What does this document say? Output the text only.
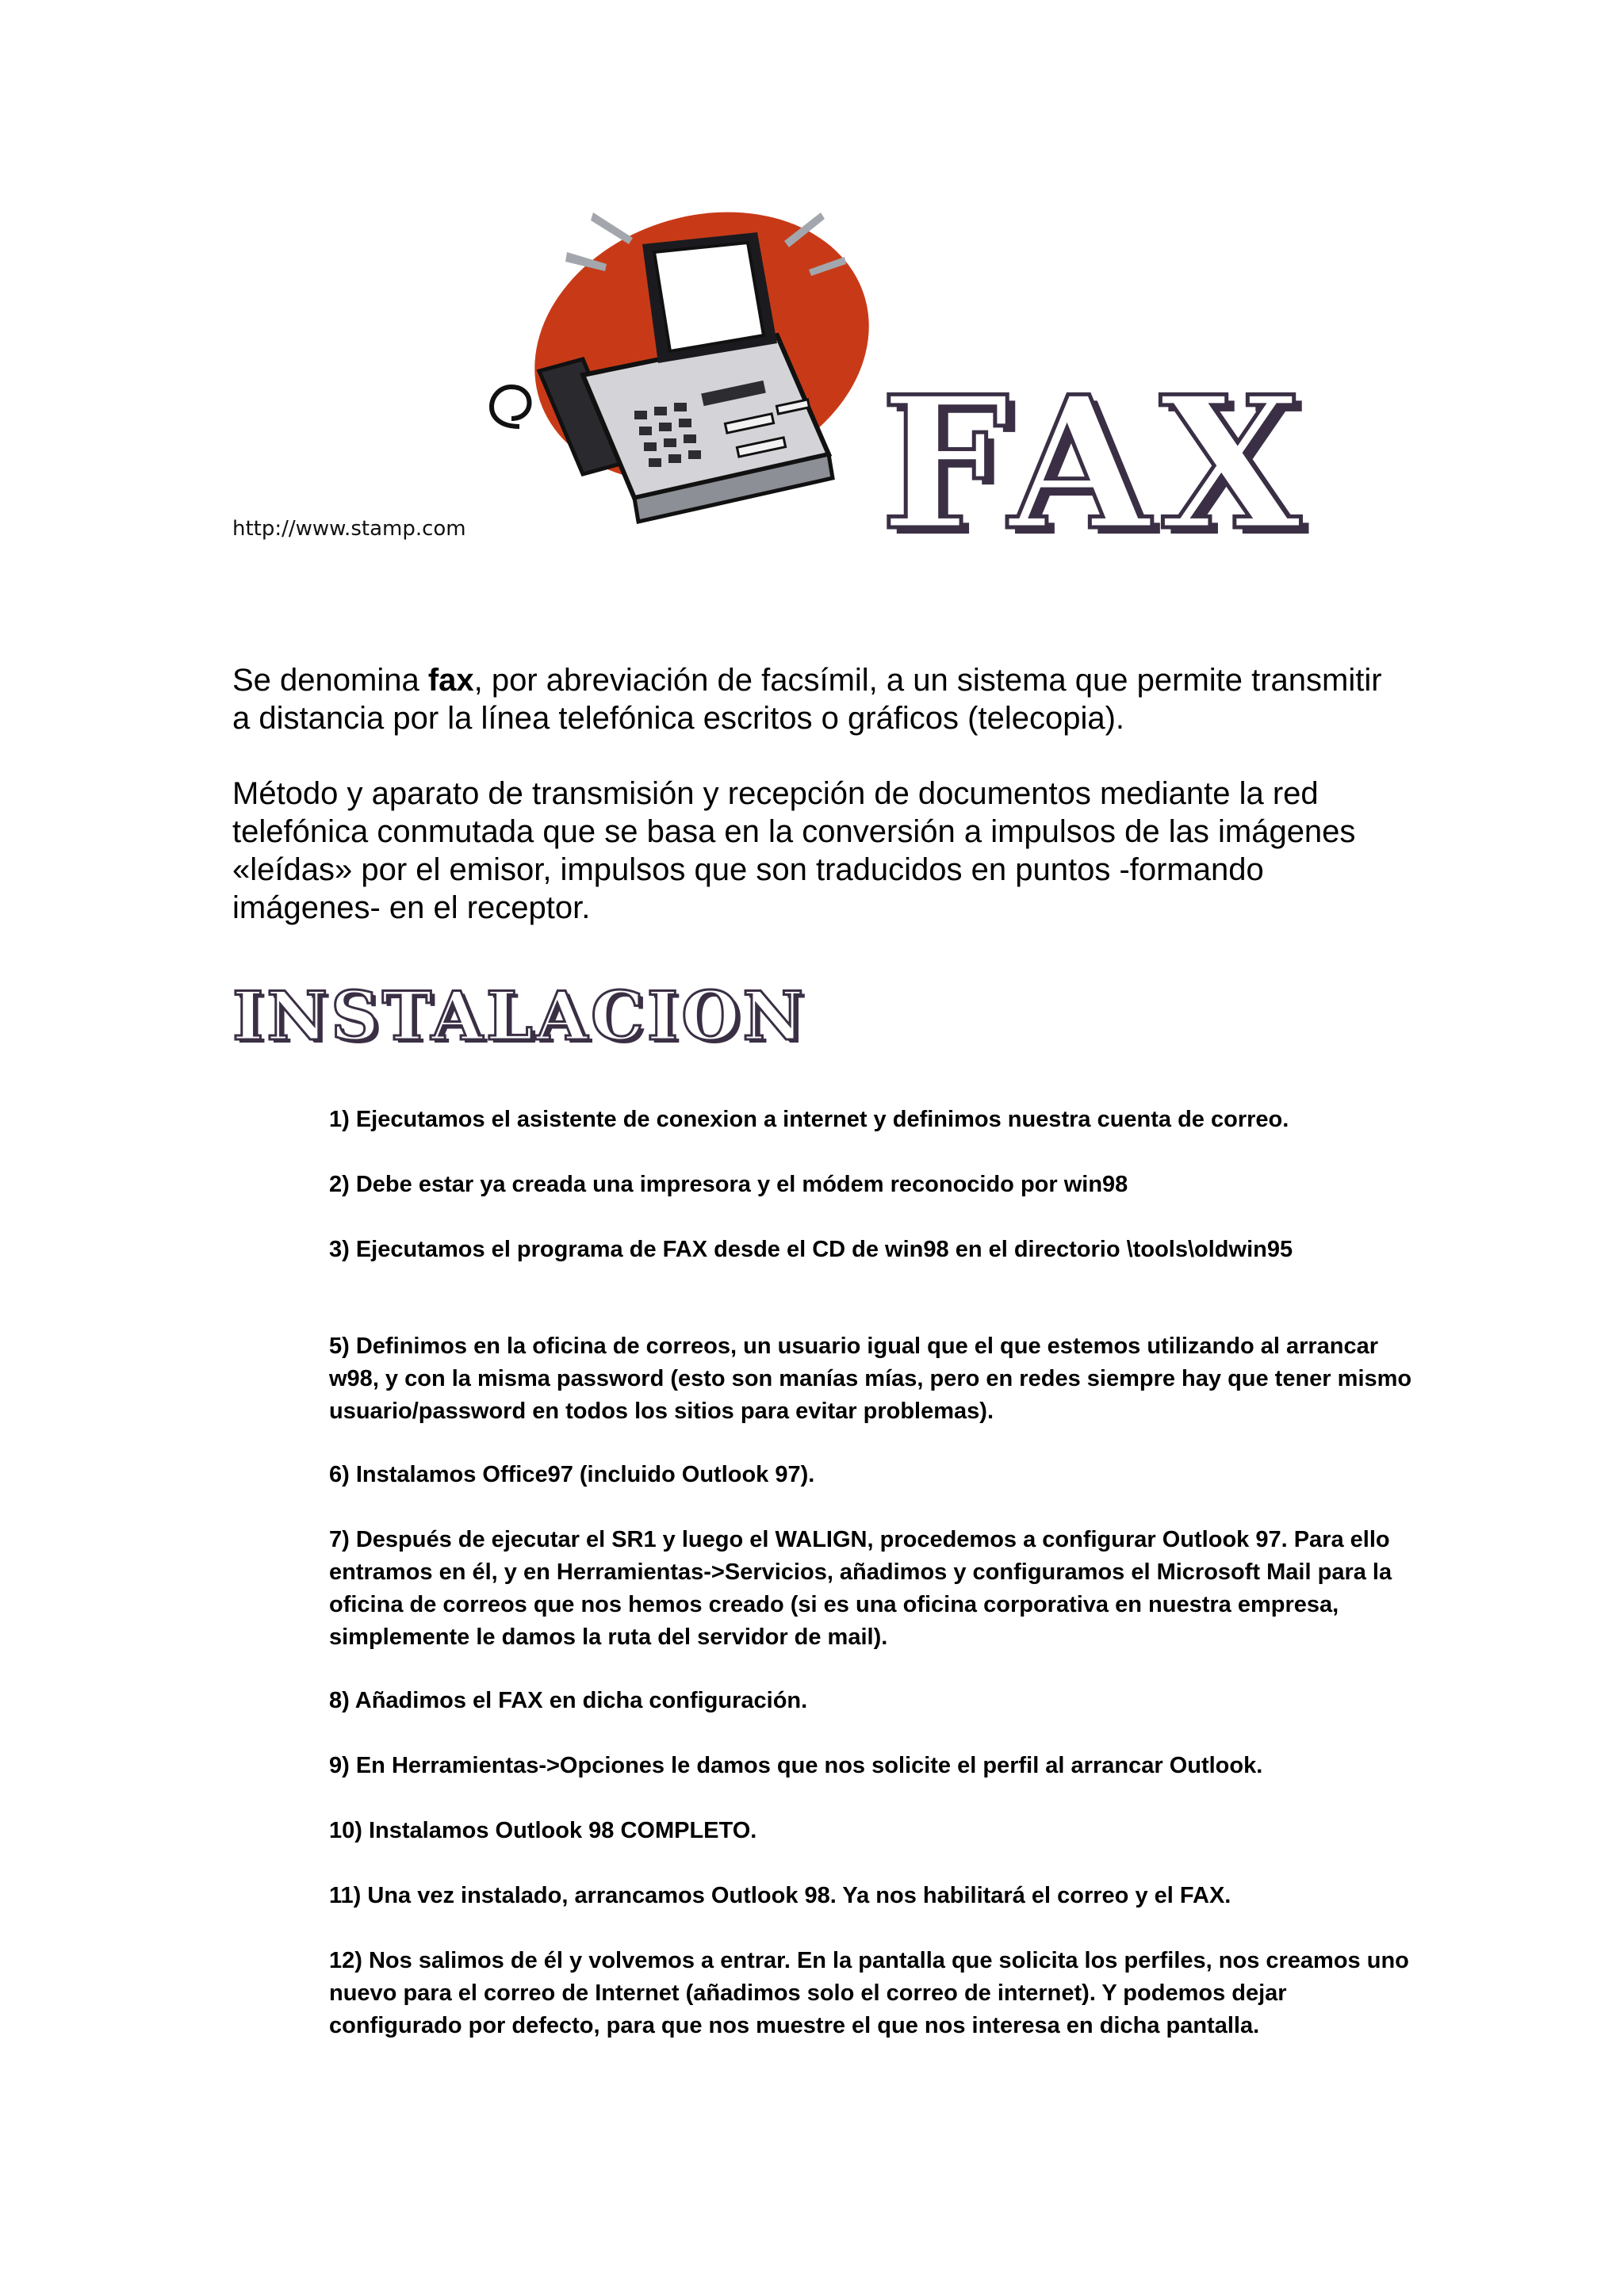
http://www.stamp.com FAX

Se denomina fax, por abreviación de facsímil, a un sistema que permite transmitir a distancia por la línea telefónica escritos o gráficos (telecopia).

Método y aparato de transmisión y recepción de documentos mediante la red telefónica conmutada que se basa en la conversión a impulsos de las imágenes «leídas» por el emisor, impulsos que son traducidos en puntos -formando imágenes- en el receptor.

INSTALACION
1) Ejecutamos el asistente de conexion a internet y definimos nuestra cuenta de correo.
2) Debe estar ya creada una impresora y el módem reconocido por win98
3) Ejecutamos el programa de FAX desde el CD de win98 en el directorio \tools\oldwin95
5) Definimos en la oficina de correos, un usuario igual que el que estemos utilizando al arrancar w98, y con la misma password (esto son manías mías, pero en redes siempre hay que tener mismo usuario/password en todos los sitios para evitar problemas).
6) Instalamos Office97 (incluido Outlook 97).
7) Después de ejecutar el SR1 y luego el WALIGN, procedemos a configurar Outlook 97. Para ello entramos en él, y en Herramientas->Servicios, añadimos y configuramos el Microsoft Mail para la oficina de correos que nos hemos creado (si es una oficina corporativa en nuestra empresa, simplemente le damos la ruta del servidor de mail).
8) Añadimos el FAX en dicha configuración.
9) En Herramientas->Opciones le damos que nos solicite el perfil al arrancar Outlook.
10) Instalamos Outlook 98 COMPLETO.
11) Una vez instalado, arrancamos Outlook 98. Ya nos habilitará el correo y el FAX.
12) Nos salimos de él y volvemos a entrar. En la pantalla que solicita los perfiles, nos creamos uno nuevo para el correo de Internet (añadimos solo el correo de internet). Y podemos dejar configurado por defecto, para que nos muestre el que nos interesa en dicha pantalla.
